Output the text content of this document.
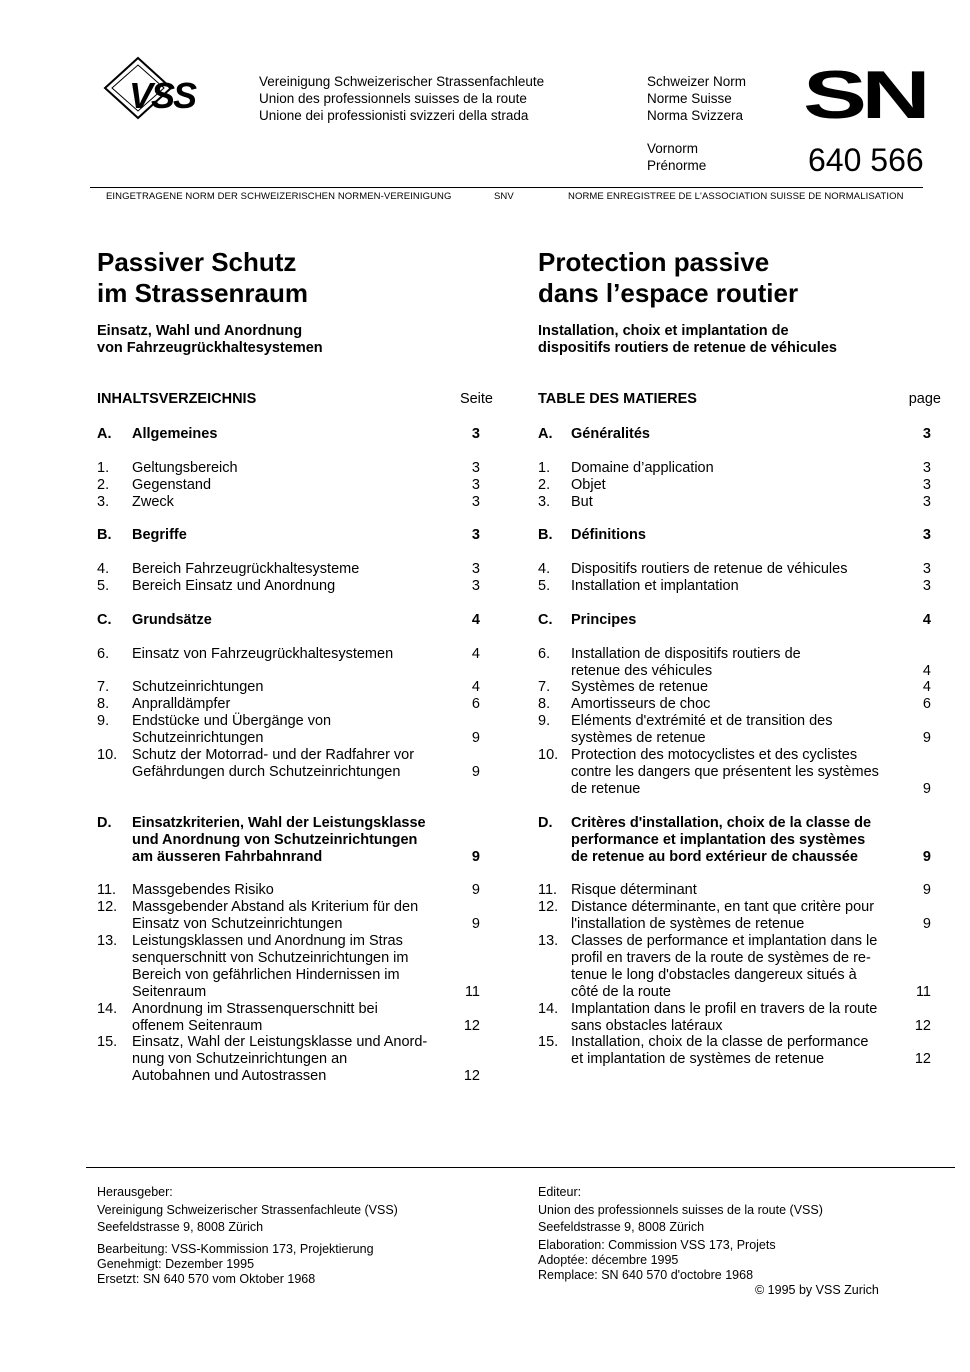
VSS	Vereinigung Schweizerischer Strassenfachleute
Union des professionnels suisses de la route
Unione dei professionisti svizzeri della strada
Schweizer Norm
Norme Suisse
Norma Svizzera
Vornorm
Prénorme
SN
640 566
EINGETRAGENE NORM DER SCHWEIZERISCHEN NORMEN-VEREINIGUNG	SNV	NORME ENREGISTREE DE L'ASSOCIATION SUISSE DE NORMALISATION
Passiver Schutz
im Strassenraum
Protection passive
dans l’espace routier
Einsatz, Wahl und Anordnung
von Fahrzeugrückhaltesystemen
Installation, choix et implantation de
dispositifs routiers de retenue de véhicules
INHALTSVERZEICHNIS	Seite	TABLE DES MATIERES	page
A. Allgemeines	3
1. Geltungsbereich	3
2. Gegenstand	3
3. Zweck	3
B. Begriffe	3
4. Bereich Fahrzeugrückhaltesysteme	3
5. Bereich Einsatz und Anordnung	3
C. Grundsätze	4
6. Einsatz von Fahrzeugrückhaltesystemen	4
7. Schutzeinrichtungen	4
8. Anpralldämpfer	6
9. Endstücke und Übergänge von
Schutzeinrichtungen	9
10. Schutz der Motorrad- und der Radfahrer vor
Gefährdungen durch Schutzeinrichtungen	9
D. Einsatzkriterien, Wahl der Leistungsklasse
und Anordnung von Schutzeinrichtungen
am äusseren Fahrbahnrand	9
11. Massgebendes Risiko	9
12. Massgebender Abstand als Kriterium für den
Einsatz von Schutzeinrichtungen	9
13. Leistungsklassen und Anordnung im Stras
senquerschnitt von Schutzeinrichtungen im
Bereich von gefährlichen Hindernissen im
Seitenraum	11
14. Anordnung im Strassenquerschnitt bei
offenem Seitenraum	12
15. Einsatz, Wahl der Leistungsklasse und Anord-
nung von Schutzeinrichtungen an
Autobahnen und Autostrassen	12
A. Généralités	3
1. Domaine d’application	3
2. Objet	3
3. But	3
B. Définitions	3
4. Dispositifs routiers de retenue de véhicules	3
5. Installation et implantation	3
C. Principes	4
6. Installation de dispositifs routiers de
retenue des véhicules	4
7. Systèmes de retenue	4
8. Amortisseurs de choc	6
9. Eléments d'extrémité et de transition des
systèmes de retenue	9
10. Protection des motocyclistes et des cyclistes
contre les dangers que présentent les systèmes
de retenue	9
D. Critères d'installation, choix de la classe de
performance et implantation des systèmes
de retenue au bord extérieur de chaussée	9
11. Risque déterminant	9
12. Distance déterminante, en tant que critère pour
l'installation de systèmes de retenue	9
13. Classes de performance et implantation dans le
profil en travers de la route de systèmes de re-
tenue le long d'obstacles dangereux situés à
côté de la route	11
14. Implantation dans le profil en travers de la route
sans obstacles latéraux	12
15. Installation, choix de la classe de performance
et implantation de systèmes de retenue	12
Herausgeber:
Vereinigung Schweizerischer Strassenfachleute (VSS)
Seefeldstrasse 9, 8008 Zürich
Bearbeitung: VSS-Kommission 173, Projektierung
Genehmigt: Dezember 1995
Ersetzt: SN 640 570 vom Oktober 1968
Editeur:
Union des professionnels suisses de la route (VSS)
Seefeldstrasse 9, 8008 Zürich
Elaboration: Commission VSS 173, Projets
Adoptée: décembre 1995
Remplace: SN 640 570 d'octobre 1968
© 1995 by VSS Zurich
